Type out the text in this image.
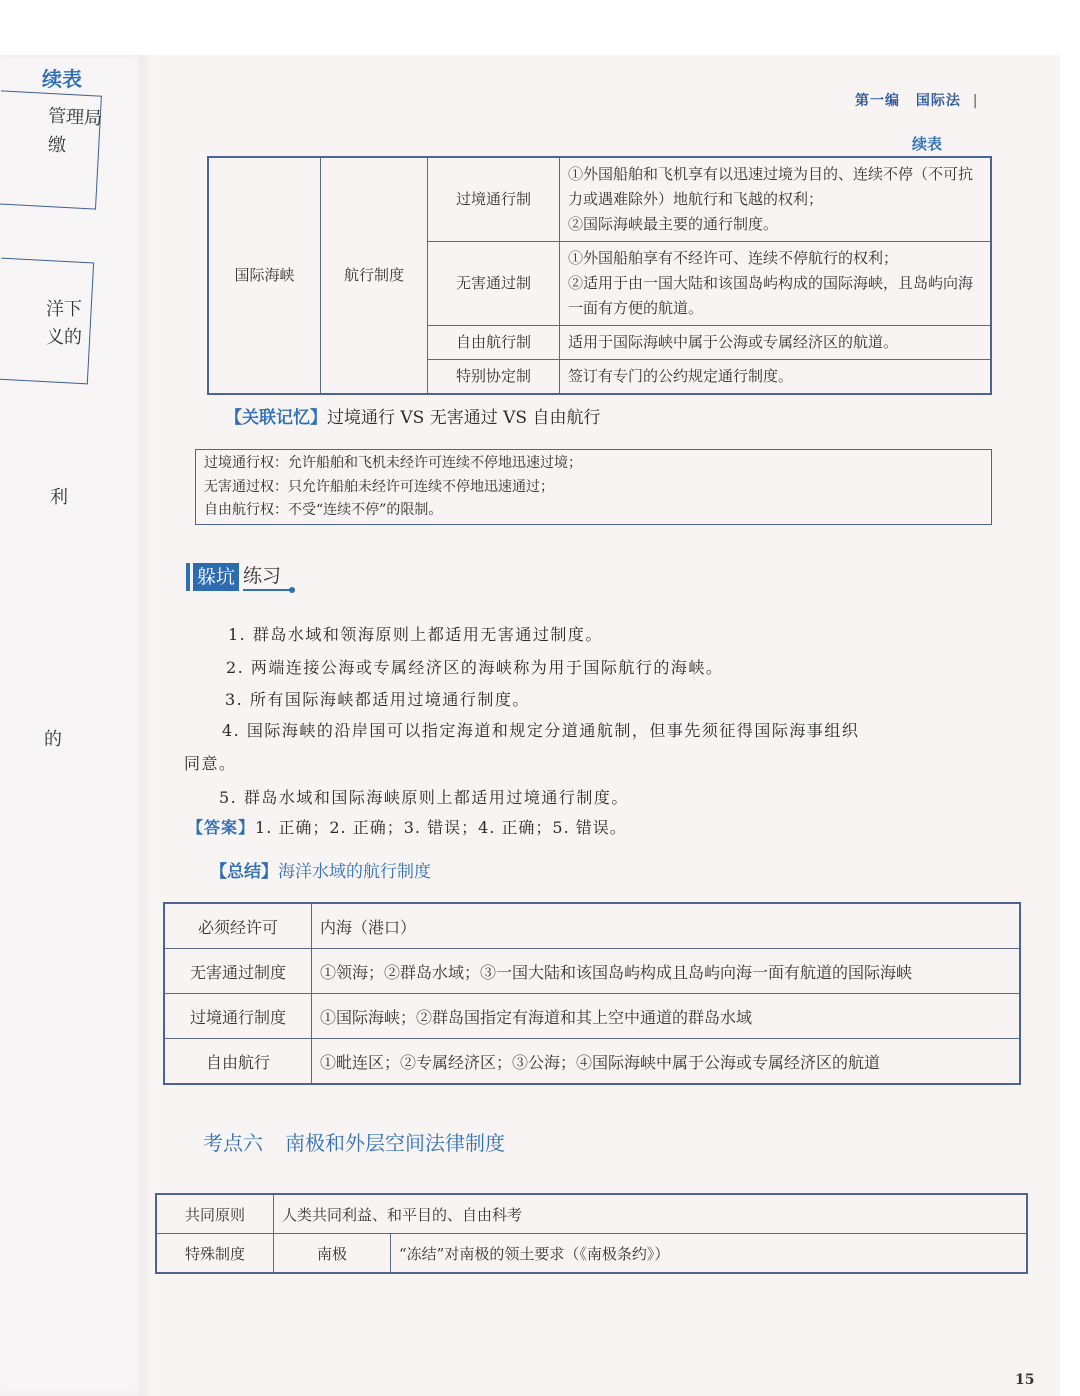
续表
管理局
缴
洋下
义的
利
的
第一编 国际法 |
续表
国际海峡	航行制度	过境通行制	①外国船舶和飞机享有以迅速过境为目的、连续不停（不可抗力或遇难除外）地航行和飞越的权利；
②国际海峡最主要的通行制度。

		无害通过制	①外国船舶享有不经许可、连续不停航行的权利；
②适用于由一国大陆和该国岛屿构成的国际海峡，且岛屿向海一面有方便的航道。

		自由航行制	适用于国际海峡中属于公海或专属经济区的航道。
		特别协定制	签订有专门的公约规定通行制度。
【关联记忆】过境通行 VS 无害通过 VS 自由航行
过境通行权：允许船舶和飞机未经许可连续不停地迅速过境；
无害通过权：只允许船舶未经许可连续不停地迅速通过；
自由航行权：不受“连续不停”的限制。
躲坑 练习
1. 群岛水域和领海原则上都适用无害通过制度。
2. 两端连接公海或专属经济区的海峡称为用于国际航行的海峡。
3. 所有国际海峡都适用过境通行制度。
4. 国际海峡的沿岸国可以指定海道和规定分道通航制，但事先须征得国际海事组织
同意。
5. 群岛水域和国际海峡原则上都适用过境通行制度。
【答案】1. 正确；2. 正确；3. 错误；4. 正确；5. 错误。
【总结】海洋水域的航行制度
必须经许可	内海（港口）
无害通过制度	①领海；②群岛水域；③一国大陆和该国岛屿构成且岛屿向海一面有航道的国际海峡
过境通行制度	①国际海峡；②群岛国指定有海道和其上空中通道的群岛水域
自由航行	①毗连区；②专属经济区；③公海；④国际海峡中属于公海或专属经济区的航道
考点六 南极和外层空间法律制度
共同原则	人类共同利益、和平目的、自由科考	
特殊制度	南极	“冻结”对南极的领土要求（《南极条约》）
15
